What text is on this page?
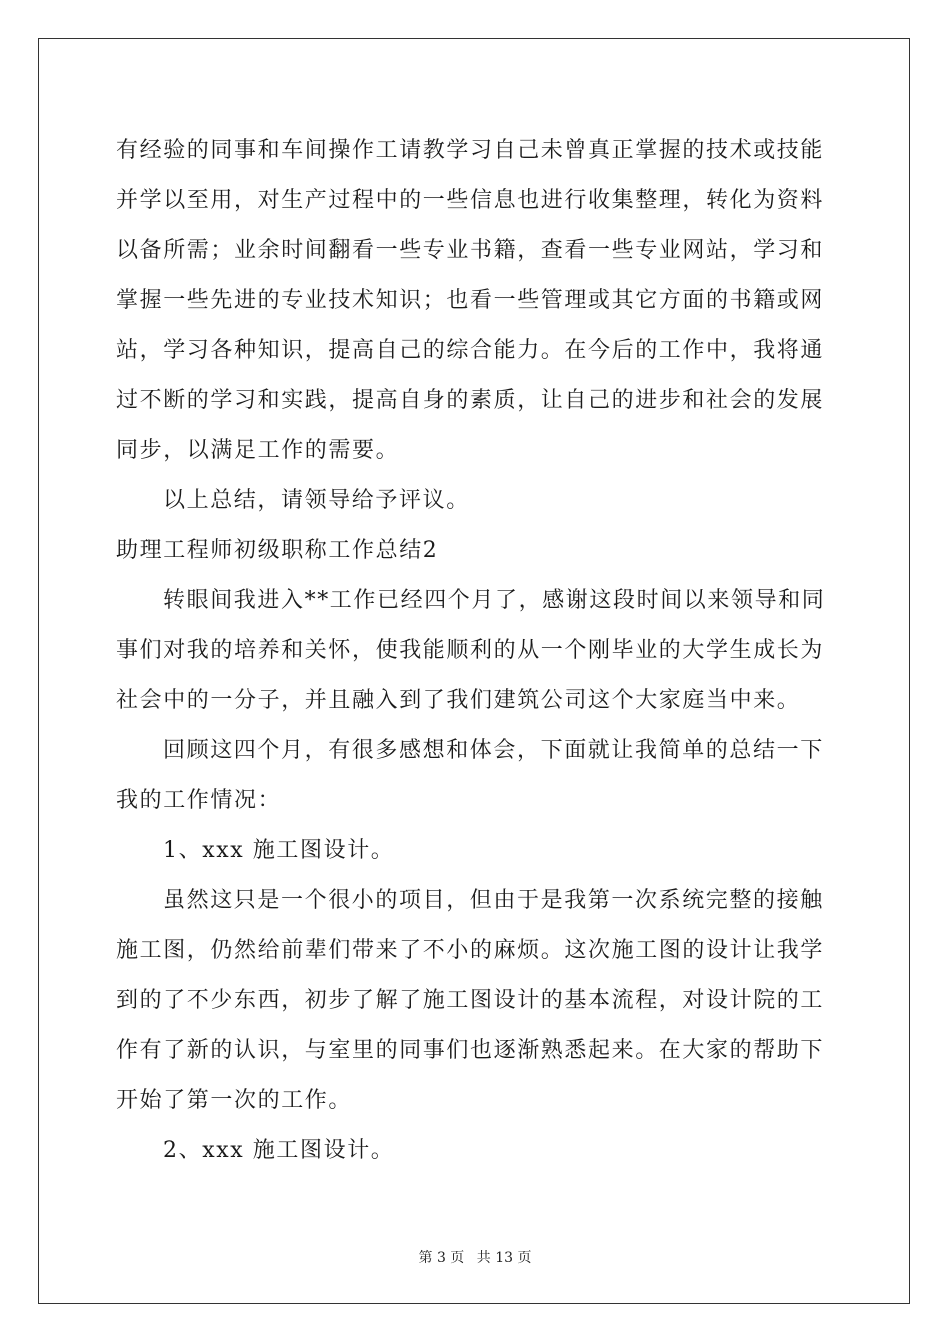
有经验的同事和车间操作工请教学习自己未曾真正掌握的技术或技能
并学以至用，对生产过程中的一些信息也进行收集整理，转化为资料
以备所需；业余时间翻看一些专业书籍，查看一些专业网站，学习和
掌握一些先进的专业技术知识；也看一些管理或其它方面的书籍或网
站，学习各种知识，提高自己的综合能力。在今后的工作中，我将通
过不断的学习和实践，提高自身的素质，让自己的进步和社会的发展
同步，以满足工作的需要。
以上总结，请领导给予评议。
助理工程师初级职称工作总结2
转眼间我进入**工作已经四个月了，感谢这段时间以来领导和同
事们对我的培养和关怀，使我能顺利的从一个刚毕业的大学生成长为
社会中的一分子，并且融入到了我们建筑公司这个大家庭当中来。
回顾这四个月，有很多感想和体会，下面就让我简单的总结一下
我的工作情况：
1、xxx 施工图设计。
虽然这只是一个很小的项目，但由于是我第一次系统完整的接触
施工图，仍然给前辈们带来了不小的麻烦。这次施工图的设计让我学
到的了不少东西，初步了解了施工图设计的基本流程，对设计院的工
作有了新的认识，与室里的同事们也逐渐熟悉起来。在大家的帮助下
开始了第一次的工作。
2、xxx 施工图设计。
第 3 页 共 13 页
